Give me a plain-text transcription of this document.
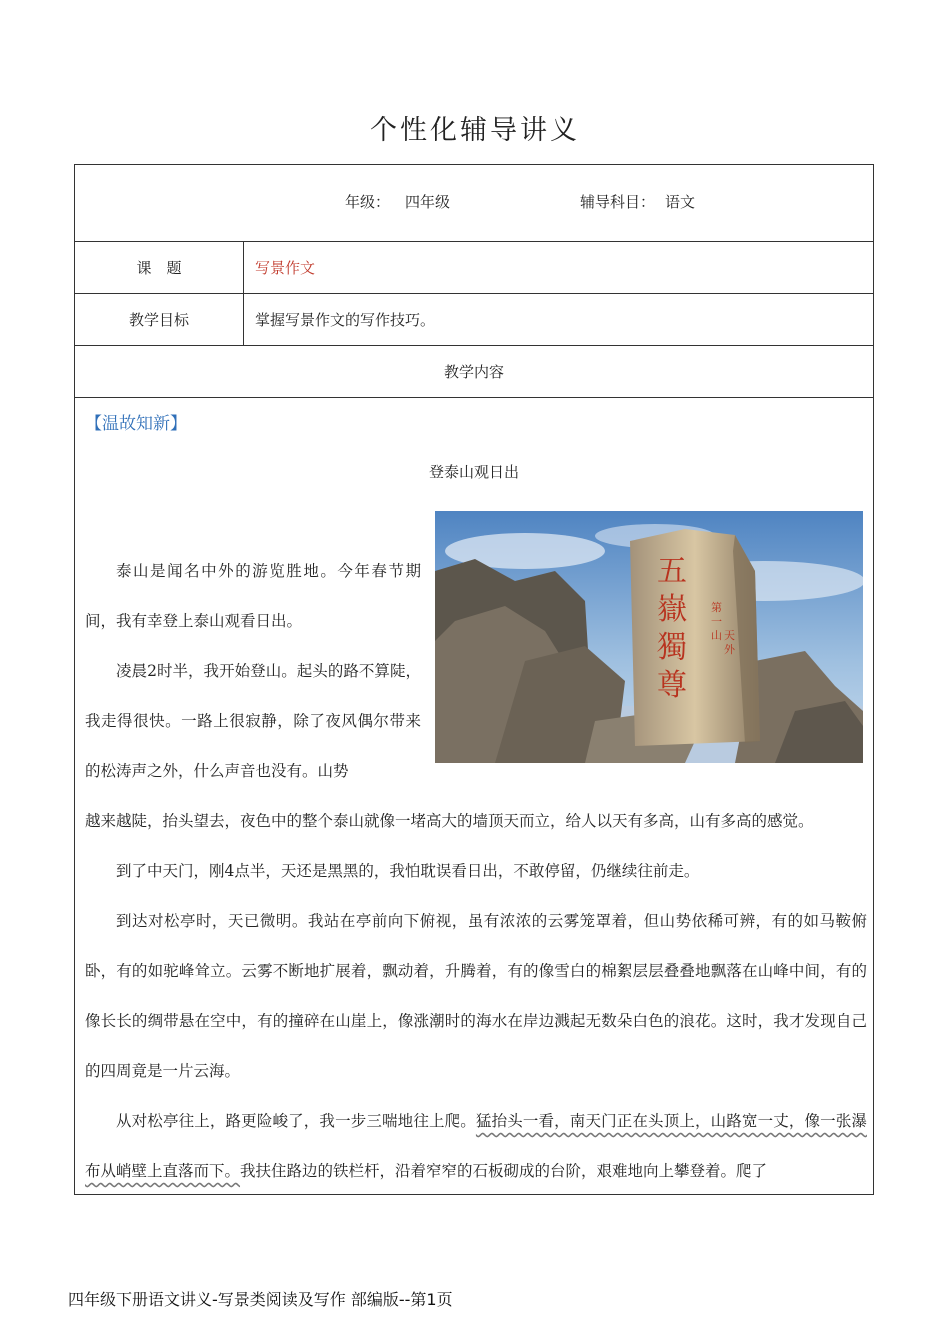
个性化辅导讲义
年级： 四年级	辅导科目： 语文
课　题	写景作文
教学目标	掌握写景作文的写作技巧。
教学内容
【温故知新】
登泰山观日出
五
嶽
獨
尊
第
一
山 天
外
泰山是闻名中外的游览胜地。今年春节期间，我有幸登上泰山观看日出。
凌晨2时半，我开始登山。起头的路不算陡，我走得很快。一路上很寂静，除了夜风偶尔带来的松涛声之外，什么声音也没有。山势
越来越陡，抬头望去，夜色中的整个泰山就像一堵高大的墙顶天而立，给人以天有多高，山有多高的感觉。
到了中天门，刚4点半，天还是黑黑的，我怕耽误看日出，不敢停留，仍继续往前走。
到达对松亭时，天已微明。我站在亭前向下俯视，虽有浓浓的云雾笼罩着，但山势依稀可辨，有的如马鞍俯卧，有的如驼峰耸立。云雾不断地扩展着，飘动着，升腾着，有的像雪白的棉絮层层叠叠地飘落在山峰中间，有的像长长的绸带悬在空中，有的撞碎在山崖上，像涨潮时的海水在岸边溅起无数朵白色的浪花。这时，我才发现自己的四周竟是一片云海。
从对松亭往上，路更险峻了，我一步三喘地往上爬。猛抬头一看，南天门正在头顶上，山路宽一丈，像一张瀑布从峭壁上直落而下。我扶住路边的铁栏杆，沿着窄窄的石板砌成的台阶，艰难地向上攀登着。爬了
四年级下册语文讲义-写景类阅读及写作 部编版--第1页
